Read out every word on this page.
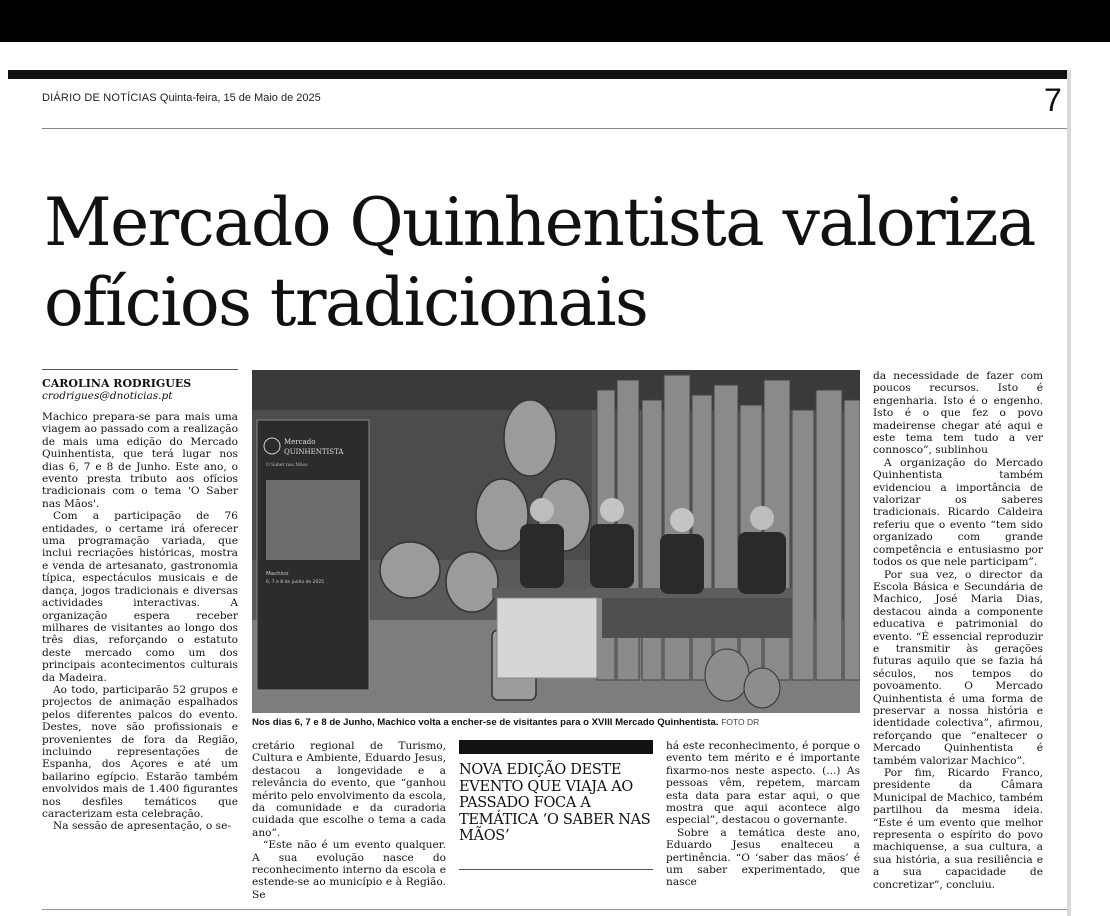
DIÁRIO DE NOTÍCIAS Quinta-feira, 15 de Maio de 2025	7
Mercado Quinhentista valoriza ofícios tradicionais
CAROLINA RODRIGUES
crodrigues@dnoticias.pt

Machico prepara-se para mais uma viagem ao passado com a realização de mais uma edição do Mercado Quinhentista, que terá lugar nos dias 6, 7 e 8 de Junho. Este ano, o evento presta tributo aos ofícios tradicionais com o tema 'O Saber nas Mãos'.

Com a participação de 76 entidades, o certame irá oferecer uma programação variada, que inclui recriações históricas, mostra e venda de artesanato, gastronomia típica, espectáculos musicais e de dança, jogos tradicionais e diversas actividades interactivas. A organização espera receber milhares de visitantes ao longo dos três dias, reforçando o estatuto deste mercado como um dos principais acontecimentos culturais da Madeira.

Ao todo, participarão 52 grupos e projectos de animação espalhados pelos diferentes palcos do evento. Destes, nove são profissionais e provenientes de fora da Região, incluindo representações de Espanha, dos Açores e até um bailarino egípcio. Estarão também envolvidos mais de 1.400 figurantes nos desfiles temáticos que caracterizam esta celebração.

Na sessão de apresentação, o se-

Mercado
QUINHENTISTA
O Saber nas Mãos
Machico
6, 7 e 8 de junho de 2025
Nos dias 6, 7 e 8 de Junho, Machico volta a encher-se de visitantes para o XVIII Mercado Quinhentista. FOTO DR

cretário regional de Turismo, Cultura e Ambiente, Eduardo Jesus, destacou a longevidade e a relevância do evento, que “ganhou mérito pelo envolvimento da escola, da comunidade e da curadoria cuidada que escolhe o tema a cada ano”.

“Este não é um evento qualquer. A sua evolução nasce do reconhecimento interno da escola e estende-se ao município e à Região. Se

NOVA EDIÇÃO DESTE EVENTO QUE VIAJA AO PASSADO FOCA A TEMÁTICA ‘O SABER NAS MÃOS’

há este reconhecimento, é porque o evento tem mérito e é importante fixarmo-nos neste aspecto. (...) As pessoas vêm, repetem, marcam esta data para estar aqui, o que mostra que aqui acontece algo especial”, destacou o governante.

Sobre a temática deste ano, Eduardo Jesus enalteceu a pertinência. “O ‘saber das mãos’ é um saber experimentado, que nasce

da necessidade de fazer com poucos recursos. Isto é engenharia. Isto é o engenho. Isto é o que fez o povo madeirense chegar até aqui e este tema tem tudo a ver connosco”, sublinhou

A organização do Mercado Quinhentista também evidenciou a importância de valorizar os saberes tradicionais. Ricardo Caldeira referiu que o evento “tem sido organizado com grande competência e entusiasmo por todos os que nele participam”.

Por sua vez, o director da Escola Básica e Secundária de Machico, José Maria Dias, destacou ainda a componente educativa e patrimonial do evento. “É essencial reproduzir e transmitir às gerações futuras aquilo que se fazia há séculos, nos tempos do povoamento. O Mercado Quinhentista é uma forma de preservar a nossa história e identidade colectiva”, afirmou, reforçando que “enaltecer o Mercado Quinhentista é também valorizar Machico”.

Por fim, Ricardo Franco, presidente da Câmara Municipal de Machico, também partilhou da mesma ideia. “Este é um evento que melhor representa o espírito do povo machiquense, a sua cultura, a sua história, a sua resiliência e a sua capacidade de concretizar”, concluiu.
